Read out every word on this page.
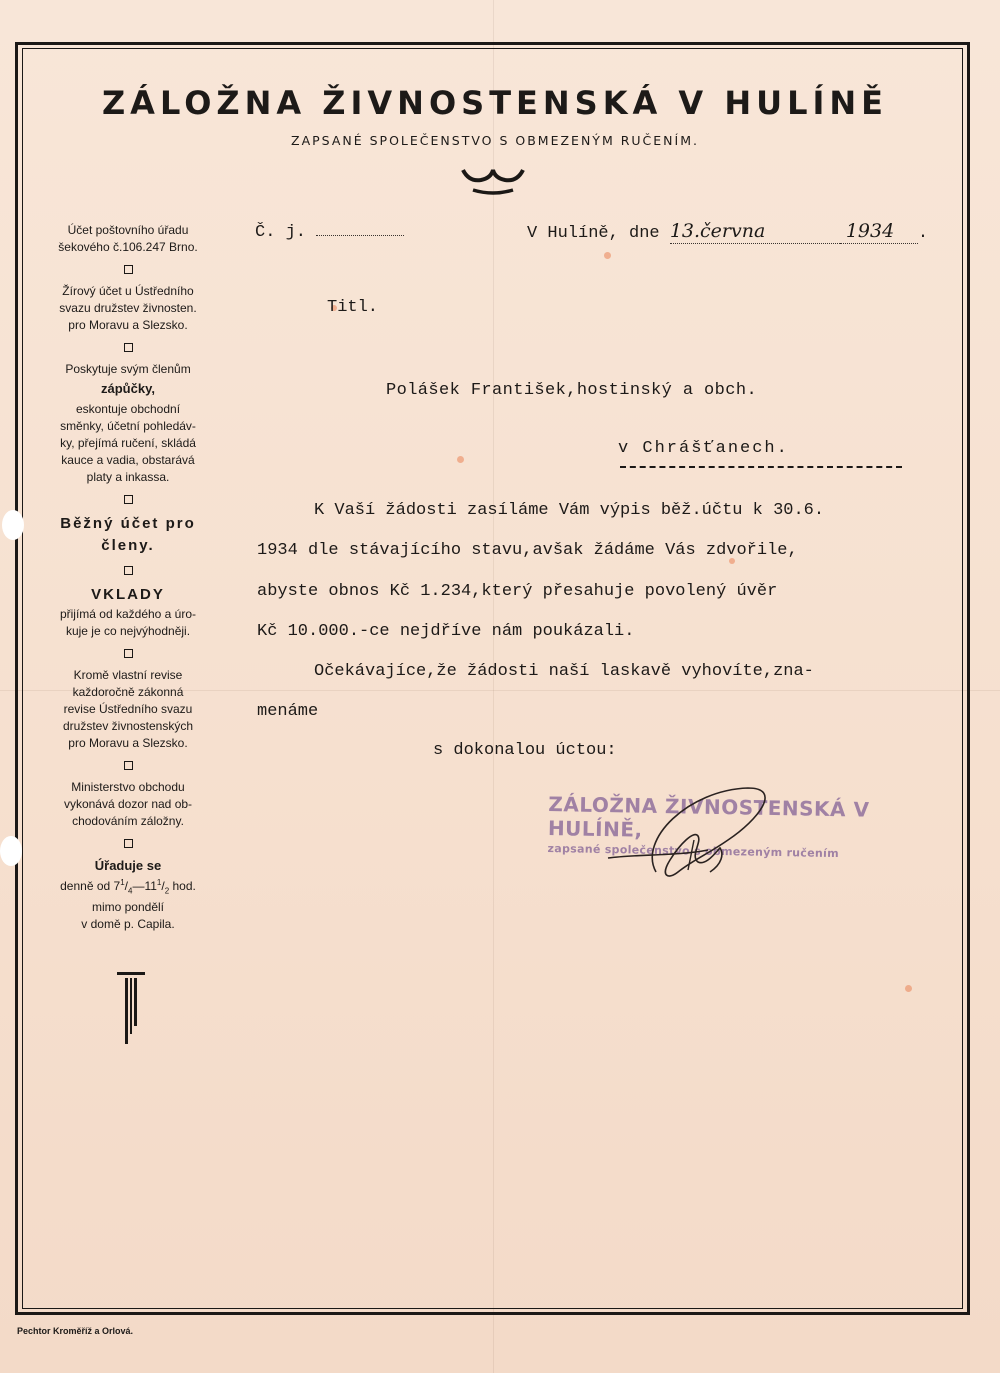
ZÁLOŽNA ŽIVNOSTENSKÁ V HULÍNĚ
ZAPSANÉ SPOLEČENSTVO S OBMEZENÝM RUČENÍM.
Účet poštovního úřadu
šekového č.106.247 Brno.
Žírový účet u Ústředního
svazu družstev živnosten.
pro Moravu a Slezsko.
Poskytuje svým členům
zápůčky,
eskontuje obchodní
směnky, účetní pohledáv-
ky, přejímá ručení, skládá
kauce a vadia, obstarává
platy a inkassa.
Běžný účet pro
členy.
VKLADY
přijímá od každého a úro-
kuje je co nejvýhodněji.
Kromě vlastní revise
každoročně zákonná
revise Ústředního svazu
družstev živnostenských
pro Moravu a Slezsko.
Ministerstvo obchodu
vykonává dozor nad ob-
chodováním záložny.
Úřaduje se
denně od $7^1/_4—11^1/_2$ hod.
mimo pondělí
v domě p. Capila.
Č. j.	V Hulíně, dne 13.června	1934 .
Titl.
Polášek František,hostinský a obch.
v Chrášťanech.
K Vaší žádosti zasíláme Vám výpis běž.účtu k 30.6.
1934 dle stávajícího stavu,avšak žádáme Vás zdvořile,
abyste obnos Kč 1.234,který přesahuje povolený úvěr
Kč 10.000.-ce nejdříve nám poukázali.
Očekávajíce,že žádosti naší laskavě vyhovíte,zna-
menáme
s dokonalou úctou:
ZÁLOŽNA ŽIVNOSTENSKÁ V HULÍNĚ,
zapsané společenstvo s obmezeným ručením
Pechtor Kroměříž a Orlová.
